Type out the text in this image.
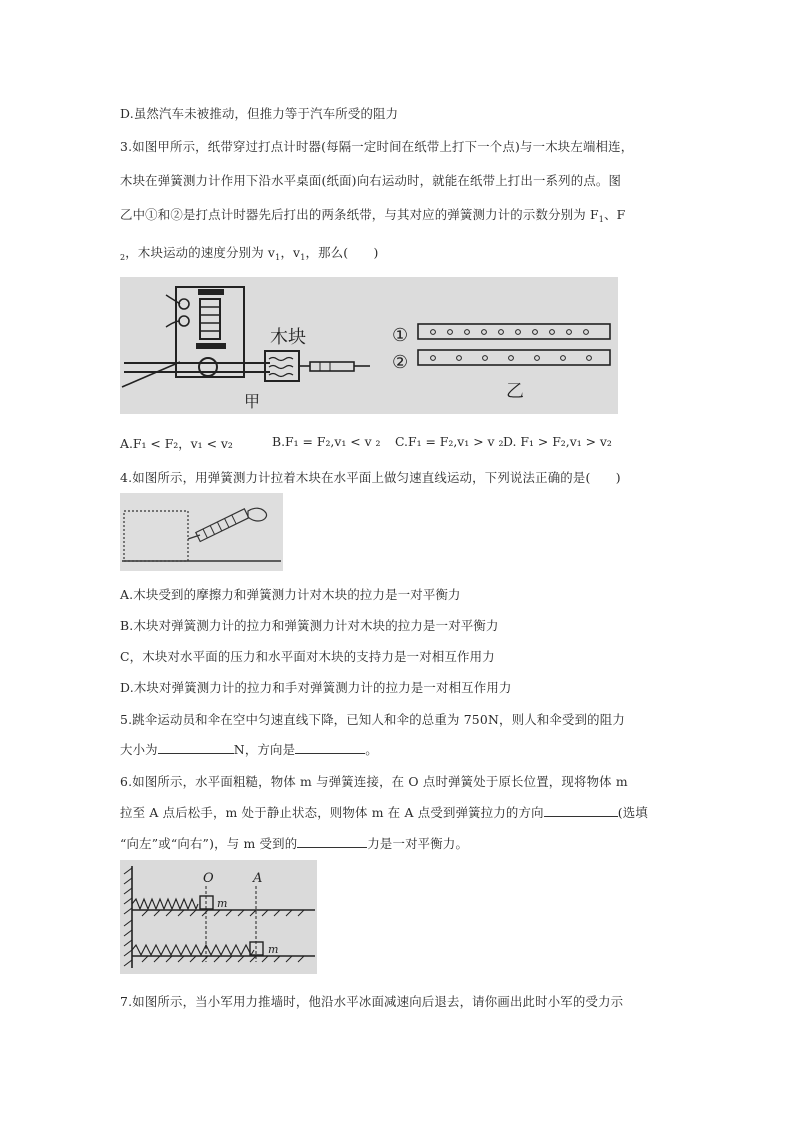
D.虽然汽车未被推动，但推力等于汽车所受的阻力
3.如图甲所示，纸带穿过打点计时器(每隔一定时间在纸带上打下一个点)与一木块左端相连，
木块在弹簧测力计作用下沿水平桌面(纸面)向右运动时，就能在纸带上打出一系列的点。图
乙中①和②是打点计时器先后打出的两条纸带，与其对应的弹簧测力计的示数分别为 $F_1$、F
$_2$，木块运动的速度分别为 $v_1$，$v_1$，那么(　　)
木块
甲
①
②
乙
A.F₁ < F₂，v₁ < v₂	B.F₁ = F₂,v₁ < v ₂ C.F₁ = F₂,v₁ > v ₂ D. F₁ > F₂,v₁ > v₂
4.如图所示，用弹簧测力计拉着木块在水平面上做匀速直线运动，下列说法正确的是(　　)
A.木块受到的摩擦力和弹簧测力计对木块的拉力是一对平衡力
B.木块对弹簧测力计的拉力和弹簧测力计对木块的拉力是一对平衡力
C，木块对水平面的压力和水平面对木块的支持力是一对相互作用力
D.木块对弹簧测力计的拉力和手对弹簧测力计的拉力是一对相互作用力
5.跳伞运动员和伞在空中匀速直线下降，已知人和伞的总重为 750N，则人和伞受到的阻力
大小为	N，方向是	。
6.如图所示，水平面粗糙，物体 m 与弹簧连接，在 O 点时弹簧处于原长位置，现将物体 m
拉至 A 点后松手，m 处于静止状态，则物体 m 在 A 点受到弹簧拉力的方向	(选填
“向左”或“向右”)，与 m 受到的	力是一对平衡力。
O	A
m
m
7.如图所示，当小军用力推墙时，他沿水平冰面减速向后退去，请你画出此时小军的受力示
